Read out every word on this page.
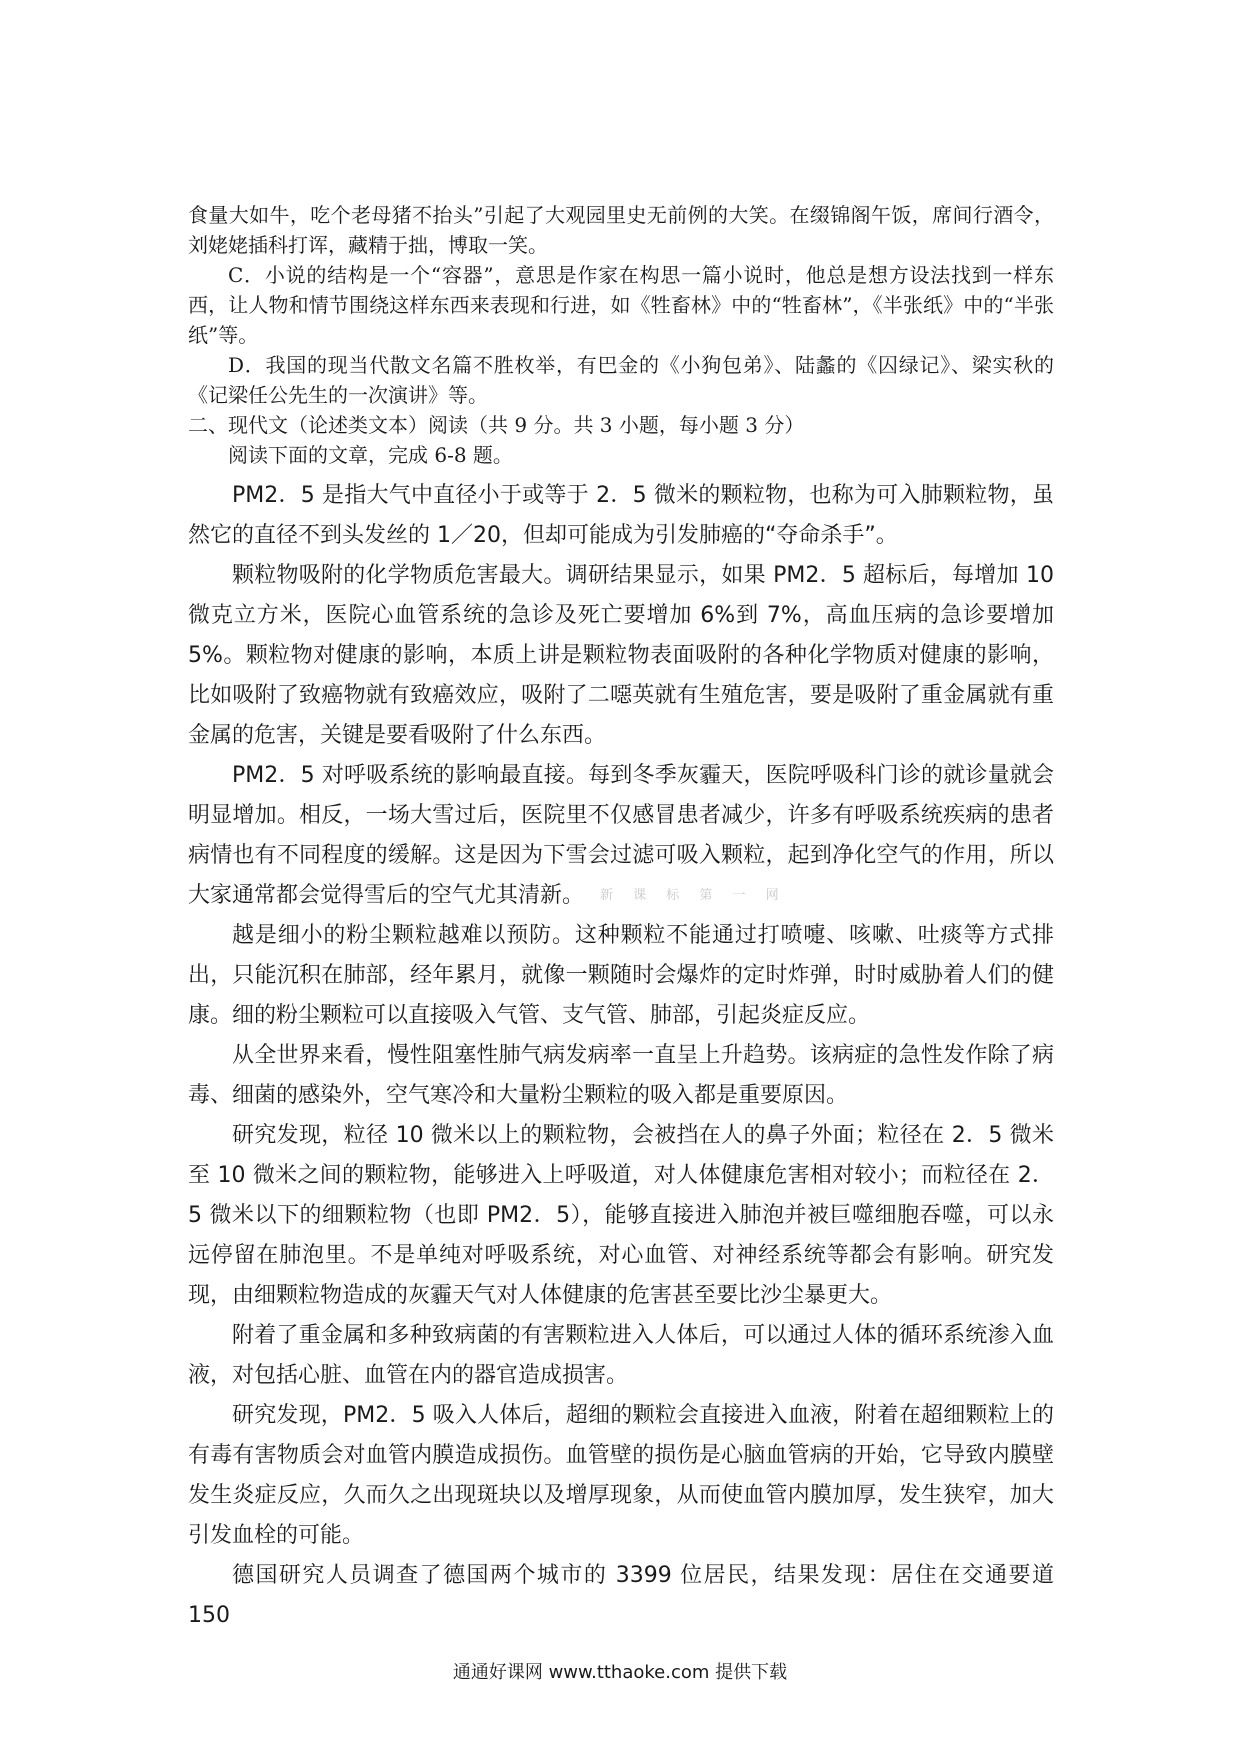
食量大如牛，吃个老母猪不抬头”引起了大观园里史无前例的大笑。在缀锦阁午饭，席间行酒令，刘姥姥插科打诨，藏精于拙，博取一笑。

C．小说的结构是一个“容器”，意思是作家在构思一篇小说时，他总是想方设法找到一样东西，让人物和情节围绕这样东西来表现和行进，如《牲畜林》中的“牲畜林”，《半张纸》中的“半张纸”等。

D．我国的现当代散文名篇不胜枚举，有巴金的《小狗包弟》、陆蠡的《囚绿记》、梁实秋的《记梁任公先生的一次演讲》等。

二、现代文（论述类文本）阅读（共 9 分。共 3 小题，每小题 3 分）

阅读下面的文章，完成 6-8 题。

PM2．5 是指大气中直径小于或等于 2．5 微米的颗粒物，也称为可入肺颗粒物，虽然它的直径不到头发丝的 1／20，但却可能成为引发肺癌的“夺命杀手”。

颗粒物吸附的化学物质危害最大。调研结果显示，如果 PM2．5 超标后，每增加 10 微克立方米，医院心血管系统的急诊及死亡要增加 6%到 7%，高血压病的急诊要增加 5%。颗粒物对健康的影响，本质上讲是颗粒物表面吸附的各种化学物质对健康的影响，比如吸附了致癌物就有致癌效应，吸附了二噁英就有生殖危害，要是吸附了重金属就有重金属的危害，关键是要看吸附了什么东西。

PM2．5 对呼吸系统的影响最直接。每到冬季灰霾天，医院呼吸科门诊的就诊量就会明显增加。相反，一场大雪过后，医院里不仅感冒患者减少，许多有呼吸系统疾病的患者病情也有不同程度的缓解。这是因为下雪会过滤可吸入颗粒，起到净化空气的作用，所以大家通常都会觉得雪后的空气尤其清新。 新 课 标 第 一 网

越是细小的粉尘颗粒越难以预防。这种颗粒不能通过打喷嚏、咳嗽、吐痰等方式排出，只能沉积在肺部，经年累月，就像一颗随时会爆炸的定时炸弹，时时威胁着人们的健康。细的粉尘颗粒可以直接吸入气管、支气管、肺部，引起炎症反应。

从全世界来看，慢性阻塞性肺气病发病率一直呈上升趋势。该病症的急性发作除了病毒、细菌的感染外，空气寒冷和大量粉尘颗粒的吸入都是重要原因。

研究发现，粒径 10 微米以上的颗粒物，会被挡在人的鼻子外面；粒径在 2．5 微米至 10 微米之间的颗粒物，能够进入上呼吸道，对人体健康危害相对较小；而粒径在 2．5 微米以下的细颗粒物（也即 PM2．5），能够直接进入肺泡并被巨噬细胞吞噬，可以永远停留在肺泡里。不是单纯对呼吸系统，对心血管、对神经系统等都会有影响。研究发现，由细颗粒物造成的灰霾天气对人体健康的危害甚至要比沙尘暴更大。

附着了重金属和多种致病菌的有害颗粒进入人体后，可以通过人体的循环系统渗入血液，对包括心脏、血管在内的器官造成损害。

研究发现，PM2．5 吸入人体后，超细的颗粒会直接进入血液，附着在超细颗粒上的有毒有害物质会对血管内膜造成损伤。血管壁的损伤是心脑血管病的开始，它导致内膜壁发生炎症反应，久而久之出现斑块以及增厚现象，从而使血管内膜加厚，发生狭窄，加大引发血栓的可能。

德国研究人员调查了德国两个城市的 3399 位居民，结果发现：居住在交通要道 150

通通好课网 www.tthaoke.com 提供下载
